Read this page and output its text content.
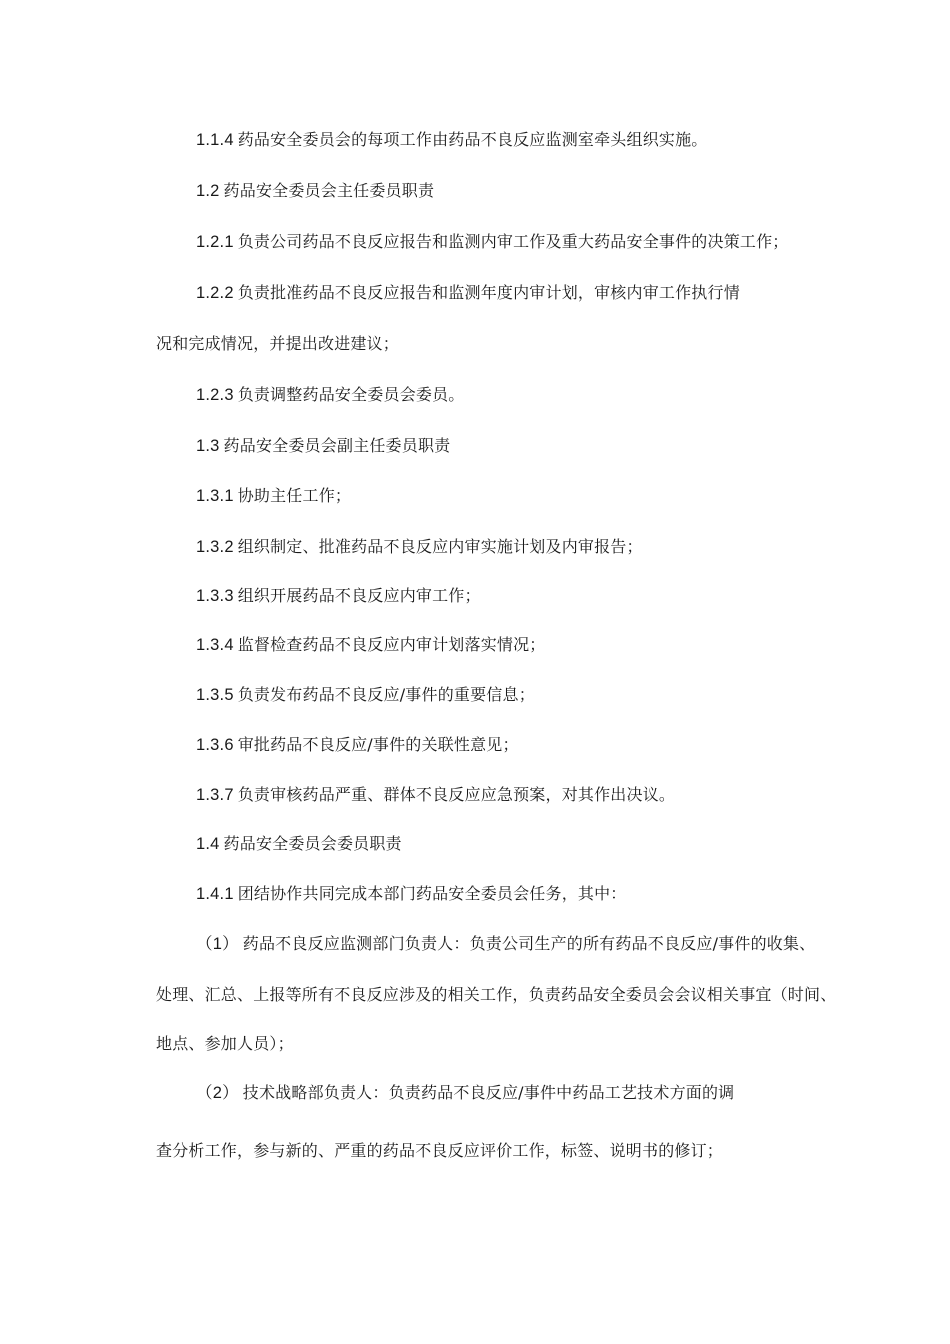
1.1.4 药品安全委员会的每项工作由药品不良反应监测室牵头组织实施。
1.2 药品安全委员会主任委员职责
1.2.1 负责公司药品不良反应报告和监测内审工作及重大药品安全事件的决策工作；
1.2.2 负责批准药品不良反应报告和监测年度内审计划，审核内审工作执行情
况和完成情况，并提出改进建议；
1.2.3 负责调整药品安全委员会委员。
1.3 药品安全委员会副主任委员职责
1.3.1 协助主任工作；
1.3.2 组织制定、批准药品不良反应内审实施计划及内审报告；
1.3.3 组织开展药品不良反应内审工作；
1.3.4 监督检查药品不良反应内审计划落实情况；
1.3.5 负责发布药品不良反应/事件的重要信息；
1.3.6 审批药品不良反应/事件的关联性意见；
1.3.7 负责审核药品严重、群体不良反应应急预案，对其作出决议。
1.4 药品安全委员会委员职责
1.4.1 团结协作共同完成本部门药品安全委员会任务，其中：
（1） 药品不良反应监测部门负责人：负责公司生产的所有药品不良反应/事件的收集、
处理、汇总、上报等所有不良反应涉及的相关工作，负责药品安全委员会会议相关事宜（时间、
地点、参加人员）；
（2） 技术战略部负责人：负责药品不良反应/事件中药品工艺技术方面的调
查分析工作，参与新的、严重的药品不良反应评价工作，标签、说明书的修订；
